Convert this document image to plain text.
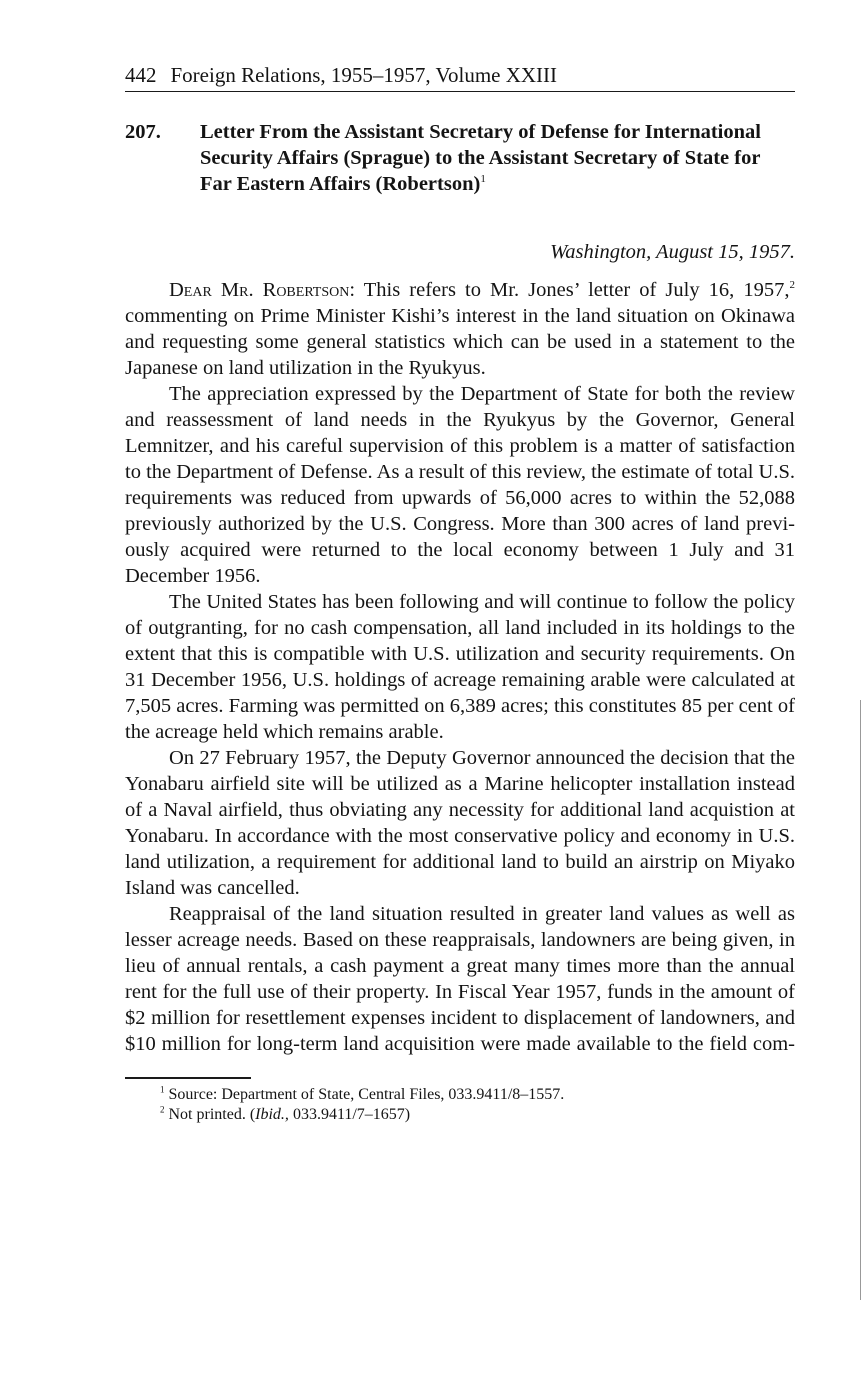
442 Foreign Relations, 1955–1957, Volume XXIII
207.	Letter From the Assistant Secretary of Defense for International Security Affairs (Sprague) to the Assistant Secretary of State for Far Eastern Affairs (Robertson)$^1$
Washington, August 15, 1957.

Dear Mr. Robertson: This refers to Mr. Jones’ letter of July 16, 1957,$^2$ commenting on Prime Minister Kishi’s interest in the land situation on Okinawa and requesting some general statistics which can be used in a statement to the Japanese on land utilization in the Ryukyus.

The appreciation expressed by the Department of State for both the review and reassessment of land needs in the Ryukyus by the Governor, General Lemnitzer, and his careful supervision of this problem is a matter of satisfaction to the Department of Defense. As a result of this review, the estimate of total U.S. requirements was reduced from upwards of 56,000 acres to within the 52,088 previously authorized by the U.S. Congress. More than 300 acres of land previously acquired were returned to the local economy between 1 July and 31 December 1956.

The United States has been following and will continue to follow the policy of outgranting, for no cash compensation, all land included in its holdings to the extent that this is compatible with U.S. utilization and security requirements. On 31 December 1956, U.S. holdings of acreage remaining arable were calculated at 7,505 acres. Farming was permitted on 6,389 acres; this constitutes 85 per cent of the acreage held which remains arable.

On 27 February 1957, the Deputy Governor announced the decision that the Yonabaru airfield site will be utilized as a Marine helicopter installation instead of a Naval airfield, thus obviating any necessity for additional land acquistion at Yonabaru. In accordance with the most conservative policy and economy in U.S. land utilization, a requirement for additional land to build an airstrip on Miyako Island was cancelled.

Reappraisal of the land situation resulted in greater land values as well as lesser acreage needs. Based on these reappraisals, landowners are being given, in lieu of annual rentals, a cash payment a great many times more than the annual rent for the full use of their property. In Fiscal Year 1957, funds in the amount of $2 million for resettlement expenses incident to displacement of landowners, and $10 million for long-term land acquisition were made available to the field com-

$^1$ Source: Department of State, Central Files, 033.9411/8–1557.
$^2$ Not printed. (Ibid., 033.9411/7–1657)
